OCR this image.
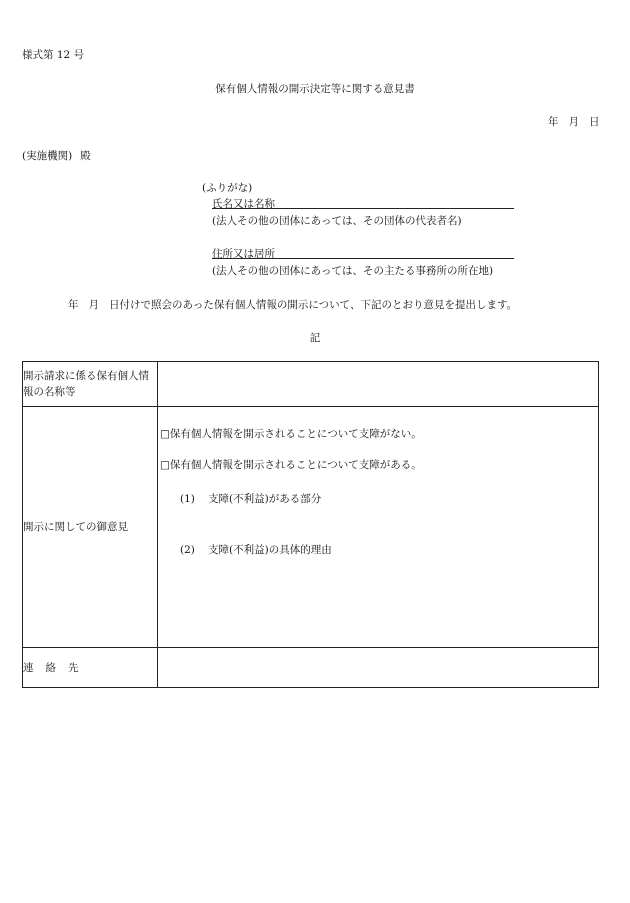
様式第 12 号
保有個人情報の開示決定等に関する意見書
年 月 日
(実施機関) 殿
(ふりがな)
氏名又は名称
(法人その他の団体にあっては、その団体の代表者名)
住所又は居所
(法人その他の団体にあっては、その主たる事務所の所在地)
年 月 日付けで照会のあった保有個人情報の開示について、下記のとおり意見を提出します。
記
開示請求に係る保有個人情報の名称等	
開示に関しての御意見	□保有個人情報を開示されることについて支障がない。
□保有個人情報を開示されることについて支障がある。
(1) 支障(不利益)がある部分
(2) 支障(不利益)の具体的理由

連 絡 先	
